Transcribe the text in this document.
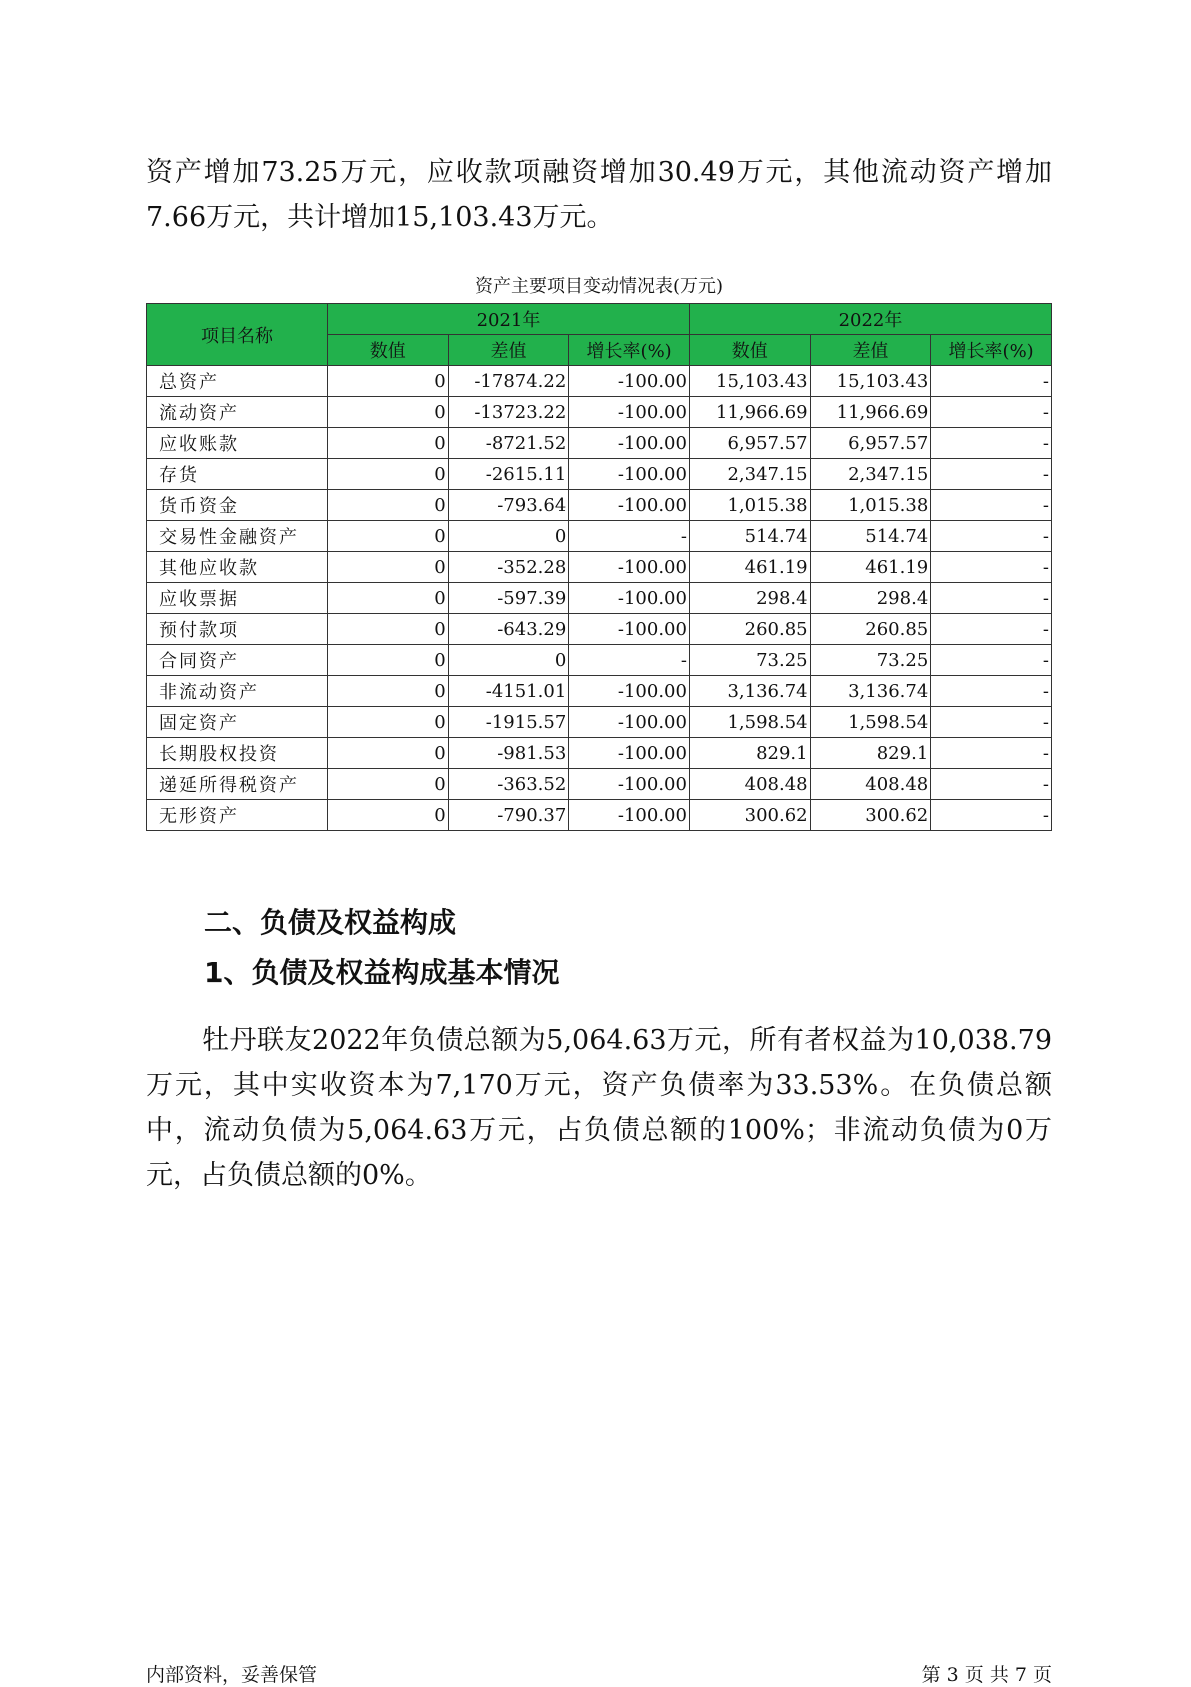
资产增加73.25万元，应收款项融资增加30.49万元，其他流动资产增加7.66万元，共计增加15,103.43万元。

资产主要项目变动情况表(万元)
项目名称	2021年			2022年		
	数值	差值	增长率(%)	数值	差值	增长率(%)
总资产	0	-17874.22	-100.00	15,103.43	15,103.43	-
流动资产	0	-13723.22	-100.00	11,966.69	11,966.69	-
应收账款	0	-8721.52	-100.00	6,957.57	6,957.57	-
存货	0	-2615.11	-100.00	2,347.15	2,347.15	-
货币资金	0	-793.64	-100.00	1,015.38	1,015.38	-
交易性金融资产	0	0	-	514.74	514.74	-
其他应收款	0	-352.28	-100.00	461.19	461.19	-
应收票据	0	-597.39	-100.00	298.4	298.4	-
预付款项	0	-643.29	-100.00	260.85	260.85	-
合同资产	0	0	-	73.25	73.25	-
非流动资产	0	-4151.01	-100.00	3,136.74	3,136.74	-
固定资产	0	-1915.57	-100.00	1,598.54	1,598.54	-
长期股权投资	0	-981.53	-100.00	829.1	829.1	-
递延所得税资产	0	-363.52	-100.00	408.48	408.48	-
无形资产	0	-790.37	-100.00	300.62	300.62	-
二、负债及权益构成
1、负债及权益构成基本情况

牡丹联友2022年负债总额为5,064.63万元，所有者权益为10,038.79万元，其中实收资本为7,170万元，资产负债率为33.53%。在负债总额中，流动负债为5,064.63万元，占负债总额的100%；非流动负债为0万元，占负债总额的0%。

内部资料，妥善保管	第 3 页 共 7 页
